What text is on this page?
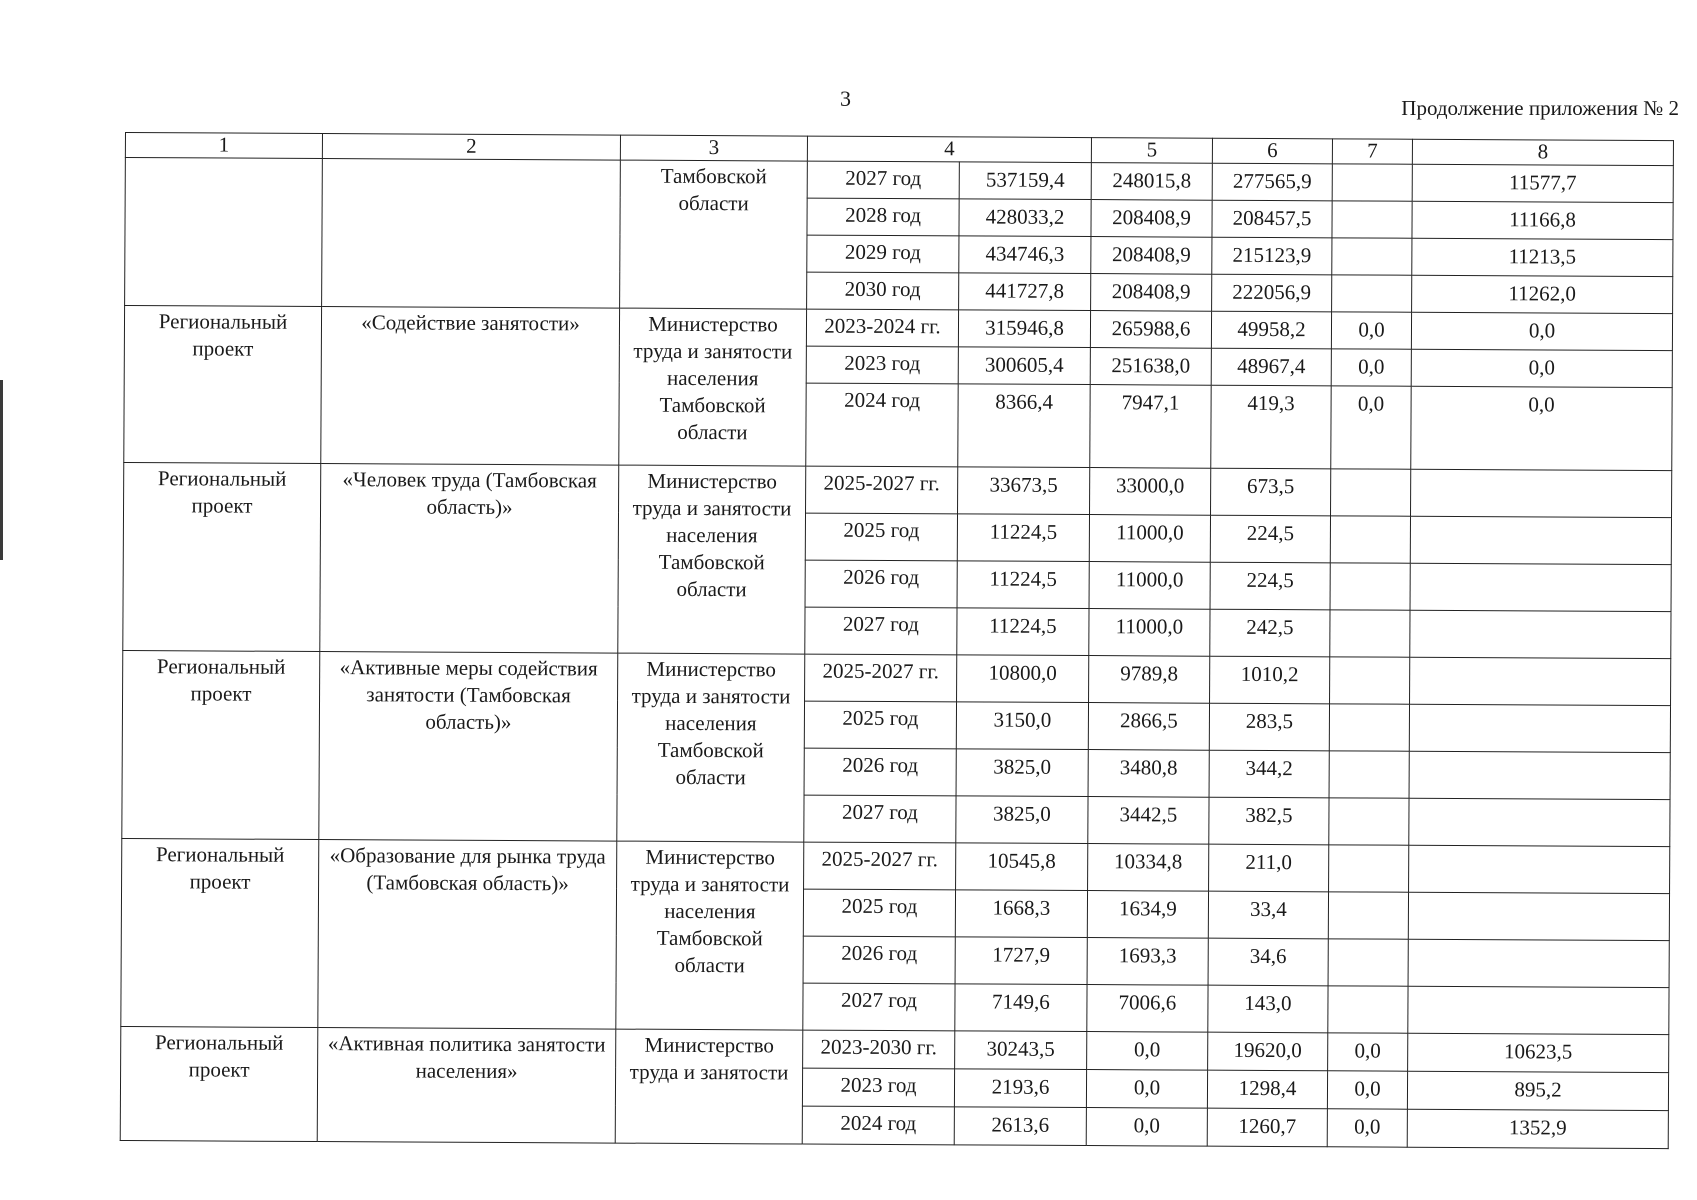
3	Продолжение приложения № 2
1	2	3	4		5	6	7	8
		Тамбовской области	2027 год	537159,4	248015,8	277565,9		11577,7
			2028 год	428033,2	208408,9	208457,5		11166,8
			2029 год	434746,3	208408,9	215123,9		11213,5
			2030 год	441727,8	208408,9	222056,9		11262,0
Региональный проект	«Содействие занятости»	Министерство труда и занятости населения Тамбовской области	2023-2024 гг.	315946,8	265988,6	49958,2	0,0	0,0
			2023 год	300605,4	251638,0	48967,4	0,0	0,0
			2024 год	8366,4	7947,1	419,3	0,0	0,0
Региональный проект	«Человек труда (Тамбовская область)»	Министерство труда и занятости населения Тамбовской области	2025-2027 гг.	33673,5	33000,0	673,5		
			2025 год	11224,5	11000,0	224,5		
			2026 год	11224,5	11000,0	224,5		
			2027 год	11224,5	11000,0	242,5		
Региональный проект	«Активные меры содействия занятости (Тамбовская область)»	Министерство труда и занятости населения Тамбовской области	2025-2027 гг.	10800,0	9789,8	1010,2		
			2025 год	3150,0	2866,5	283,5		
			2026 год	3825,0	3480,8	344,2		
			2027 год	3825,0	3442,5	382,5		
Региональный проект	«Образование для рынка труда (Тамбовская область)»	Министерство труда и занятости населения Тамбовской области	2025-2027 гг.	10545,8	10334,8	211,0		
			2025 год	1668,3	1634,9	33,4		
			2026 год	1727,9	1693,3	34,6		
			2027 год	7149,6	7006,6	143,0		
Региональный проект	«Активная политика занятости населения»	Министерство труда и занятости	2023-2030 гг.	30243,5	0,0	19620,0	0,0	10623,5
			2023 год	2193,6	0,0	1298,4	0,0	895,2
			2024 год	2613,6	0,0	1260,7	0,0	1352,9
